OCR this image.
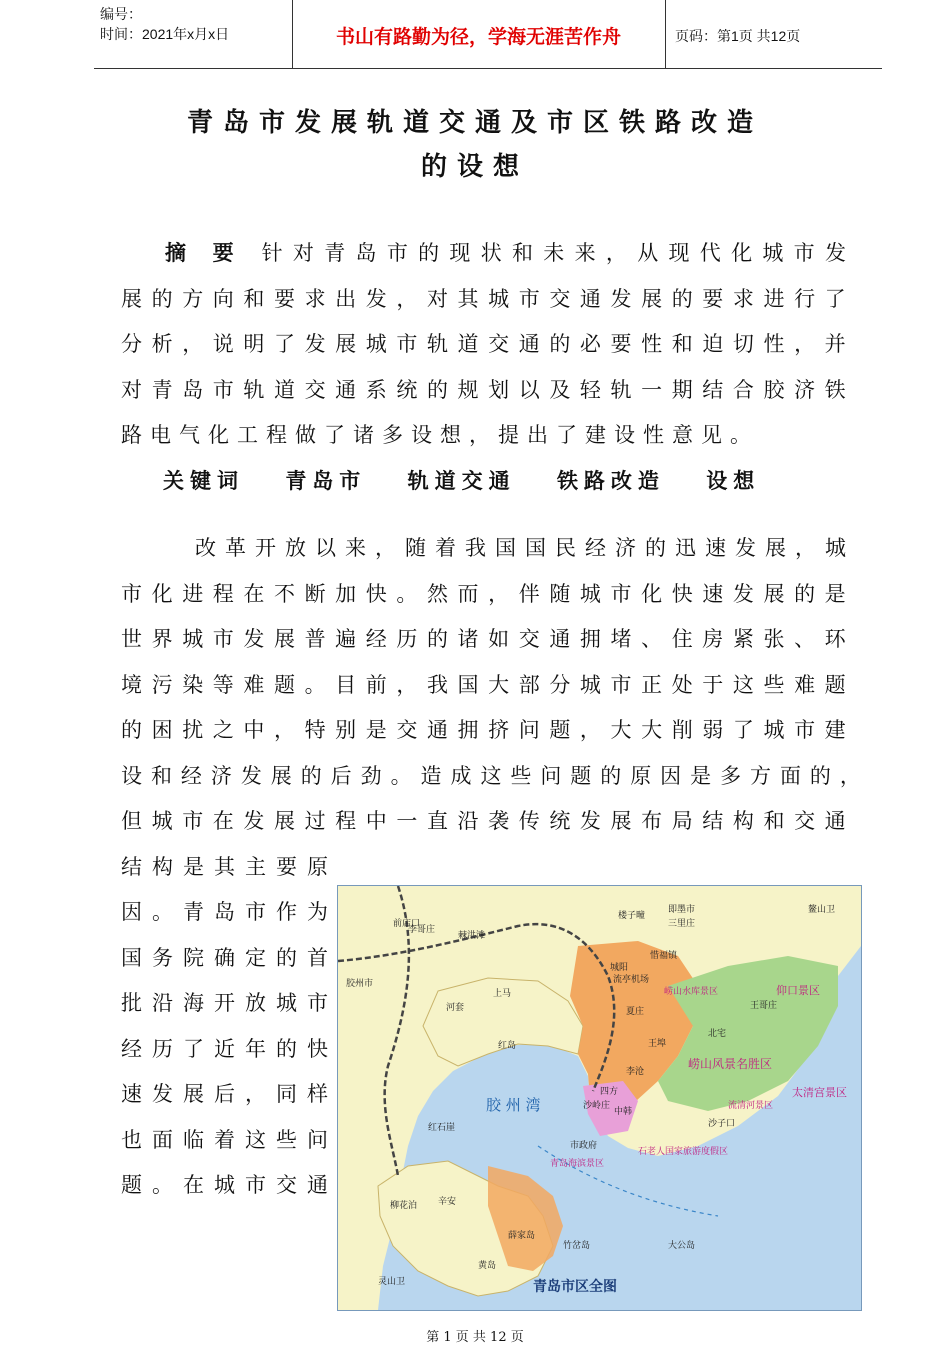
编号：
时间：2021年x月x日	书山有路勤为径，学海无涯苦作舟	页码：第1页 共12页
青岛市发展轨道交通及市区铁路改造
的设想
摘  要 针 对 青 岛 市 的 现 状 和 未 来 ， 从 现 代 化 城 市 发
展 的 方 向 和 要 求 出 发 ， 对 其 城 市 交 通 发 展 的 要 求 进 行 了
分 析 ， 说 明 了 发 展 城 市 轨 道 交 通 的 必 要 性 和 迫 切 性 ， 并
对 青 岛 市 轨 道 交 通 系 统 的 规 划 以 及 轻 轨 一 期 结 合 胶 济 铁
路 电 气 化 工 程 做 了 诸 多 设 想 ， 提 出 了 建 设 性 意 见 。
关键词 青岛市 轨道交通 铁路改造 设想
改 革 开 放 以 来 ， 随 着 我 国 国 民 经 济 的 迅 速 发 展 ， 城
市 化 进 程 在 不 断 加 快 。 然 而 ， 伴 随 城 市 化 快 速 发 展 的 是
世 界 城 市 发 展 普 遍 经 历 的 诸 如 交 通 拥 堵 、 住 房 紧 张 、 环
境 污 染 等 难 题 。 目 前 ， 我 国 大 部 分 城 市 正 处 于 这 些 难 题
的 困 扰 之 中 ， 特 别 是 交 通 拥 挤 问 题 ， 大 大 削 弱 了 城 市 建
设 和 经 济 发 展 的 后 劲 。 造 成 这 些 问 题 的 原 因 是 多 方 面 的 ，
但 城 市 在 发 展 过 程 中 一 直 沿 袭 传 统 发 展 布 局 结 构 和 交 通
结 构 是 其 主 要 原
因 。 青 岛 市 作 为
国 务 院 确 定 的 首
批 沿 海 开 放 城 市
经 历 了 近 年 的 快
速 发 展 后 ， 同 样
也 面 临 着 这 些 问
题 。 在 城 市 交 通
胶 州 湾
青岛市区全图
即墨市
楼子疃
三里庄
鳌山卫
胶州市
李哥庄
棘洪滩
城阳
流亭机场
惜福镇
崂山水库景区	仰口景区
王哥庄
北宅
崂山风景名胜区
太清宫景区
流清河景区
石老人国家旅游度假区
青岛海滨景区
市政府
李沧
四方
红石崖
黄岛
薛家岛
灵山卫
辛安
柳花泊
大公岛
竹岔岛
前店口
沙子口
夏庄
王埠
沙岭庄
中韩
河套
上马
红岛
第 1 页 共 12 页
